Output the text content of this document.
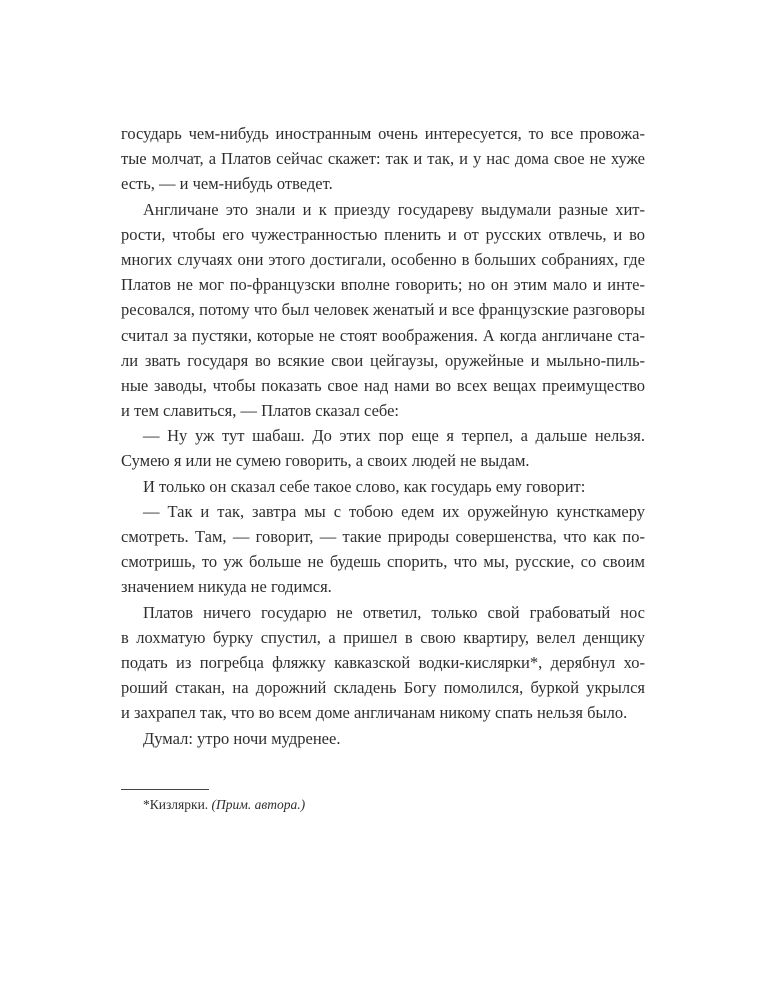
государь чем-нибудь иностранным очень интересуется, то все провожа-
тые молчат, а Платов сейчас скажет: так и так, и у нас дома свое не хуже
есть, — и чем-нибудь отведет.
Англичане это знали и к приезду государеву выдумали разные хит-
рости, чтобы его чужестранностью пленить и от русских отвлечь, и во
многих случаях они этого достигали, особенно в больших собраниях, где
Платов не мог по-французски вполне говорить; но он этим мало и инте-
ресовался, потому что был человек женатый и все французские разговоры
считал за пустяки, которые не стоят воображения. А когда англичане ста-
ли звать государя во всякие свои цейгаузы, оружейные и мыльно-пиль-
ные заводы, чтобы показать свое над нами во всех вещах преимущество
и тем славиться, — Платов сказал себе:
— Ну уж тут шабаш. До этих пор еще я терпел, а дальше нельзя.
Сумею я или не сумею говорить, а своих людей не выдам.
И только он сказал себе такое слово, как государь ему говорит:
— Так и так, завтра мы с тобою едем их оружейную кунсткамеру
смотреть. Там, — говорит, — такие природы совершенства, что как по-
смотришь, то уж больше не будешь спорить, что мы, русские, со своим
значением никуда не годимся.
Платов ничего государю не ответил, только свой грабоватый нос
в лохматую бурку спустил, а пришел в свою квартиру, велел денщику
подать из погребца фляжку кавказской водки-кислярки*, дерябнул хо-
роший стакан, на дорожний складень Богу помолился, буркой укрылся
и захрапел так, что во всем доме англичанам никому спать нельзя было.
Думал: утро ночи мудренее.
*Кизлярки. (Прим. автора.)
